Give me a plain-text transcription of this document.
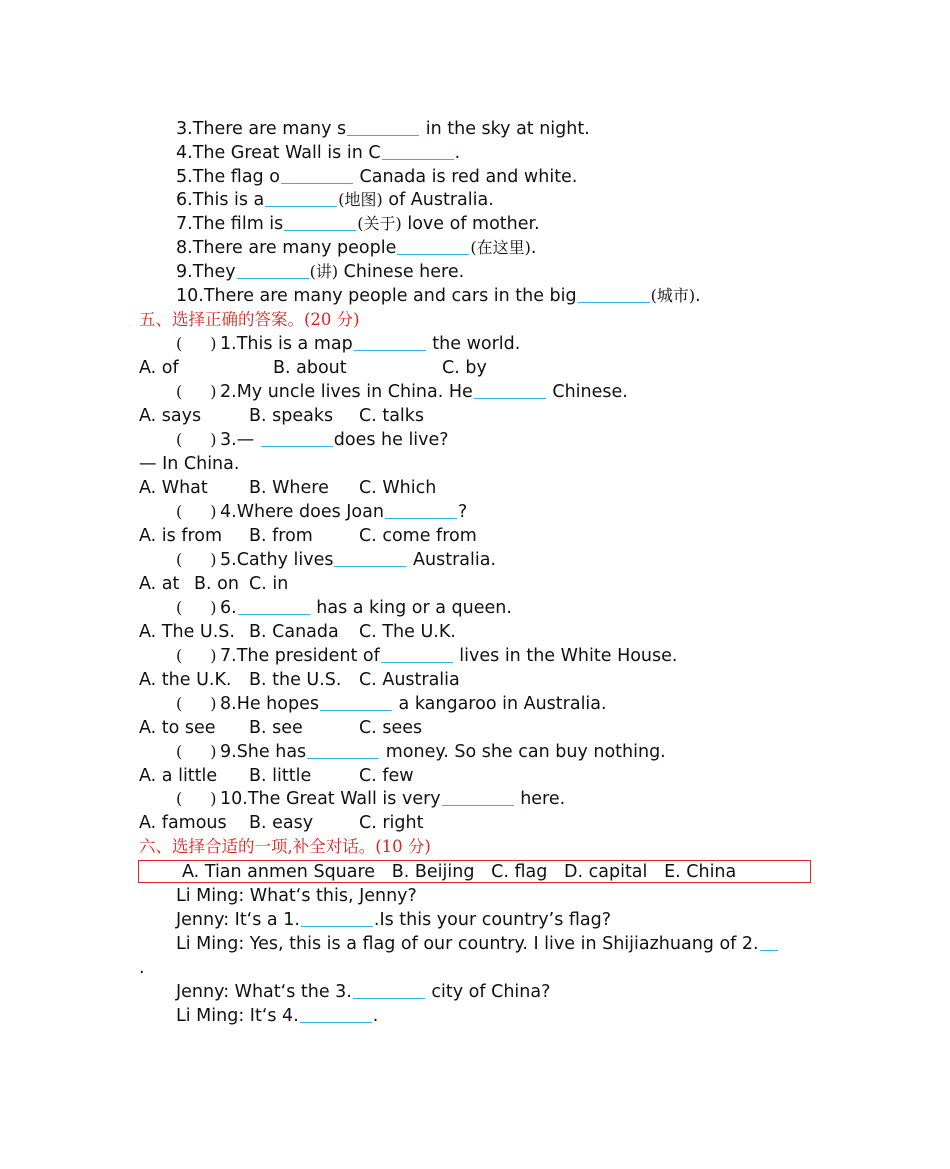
3.There are many s	in the sky at night.
4.The Great Wall is in C	.
5.The flag o	Canada is red and white.
6.This is a	(地图) of Australia.
7.The film is	(关于) love of mother.
8.There are many people	(在这里).
9.They	(讲) Chinese here.
10.There are many people and cars in the big	(城市).
五、选择正确的答案。(20 分)
( ) 1.This is a map	the world.
A. of	B. about	C. by
( ) 2.My uncle lives in China. He	Chinese.
A. says	B. speaks C. talks
( ) 3.—	does he live?
— In China.
A. What B. Where C. Which
( ) 4.Where does Joan	?
A. is from B. from	C. come from
( ) 5.Cathy lives	Australia.
A. at B. on C. in
( ) 6.	has a king or a queen.
A. The U.S. B. Canada C. The U.K.
( ) 7.The president of	lives in the White House.
A. the U.K. B. the U.S. C. Australia
( ) 8.He hopes	a kangaroo in Australia.
A. to see B. see	C. sees
( ) 9.She has	money. So she can buy nothing.
A. a little B. little	C. few
( ) 10.The Great Wall is very	here.
A. famous B. easy	C. right
六、选择合适的一项,补全对话。(10 分)
A. Tian anmen Square   B. Beijing   C. flag   D. capital   E. China
Li Ming: What‘s this, Jenny?
Jenny: It‘s a 1.	.Is this your country’s flag?
Li Ming: Yes, this is a flag of our country. I live in Shijiazhuang of 2.
.
Jenny: What‘s the 3.	city of China?
Li Ming: It‘s 4.	.
